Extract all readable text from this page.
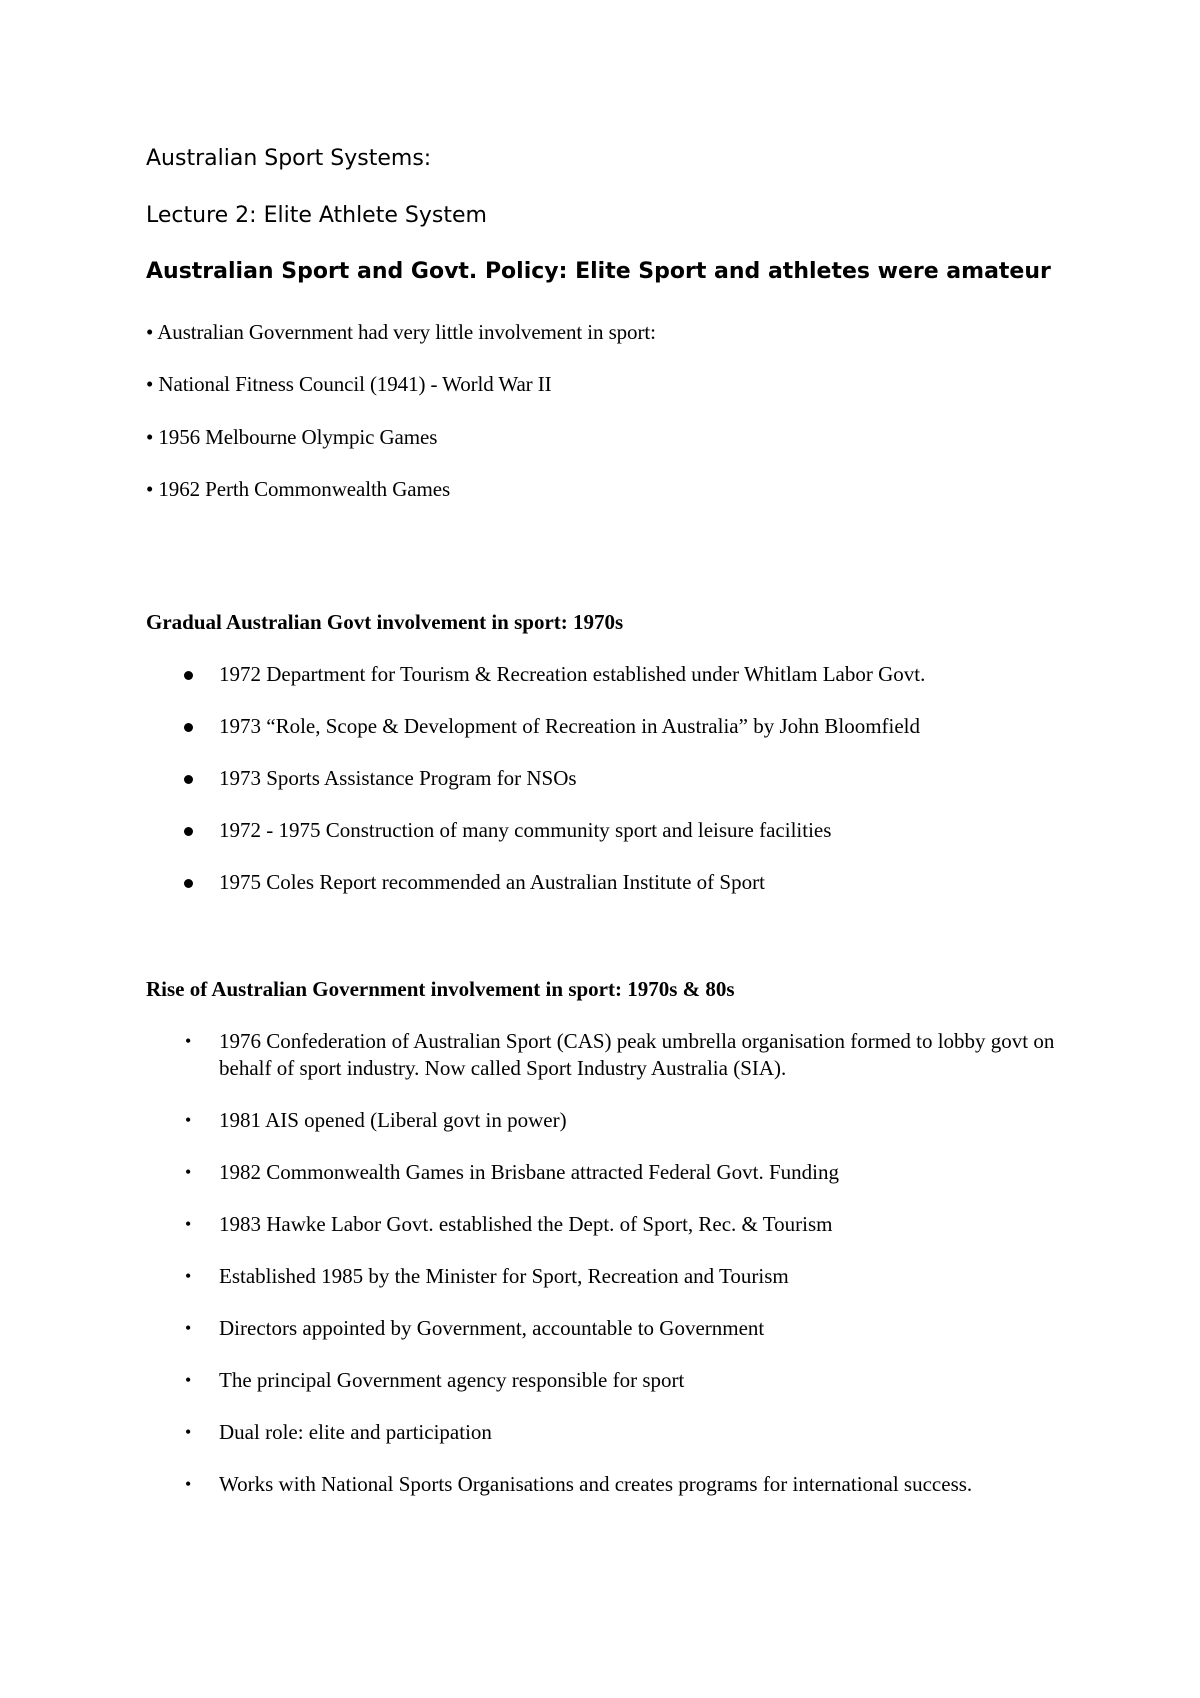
Australian Sport Systems:
Lecture 2: Elite Athlete System
Australian Sport and Govt. Policy: Elite Sport and athletes were amateur
• Australian Government had very little involvement in sport:
• National Fitness Council (1941) - World War II
• 1956 Melbourne Olympic Games
• 1962 Perth Commonwealth Games
Gradual Australian Govt involvement in sport: 1970s
1972 Department for Tourism & Recreation established under Whitlam Labor Govt.
1973 “Role, Scope & Development of Recreation in Australia” by John Bloomfield
1973 Sports Assistance Program for NSOs
1972 - 1975 Construction of many community sport and leisure facilities
1975 Coles Report recommended an Australian Institute of Sport
Rise of Australian Government involvement in sport: 1970s & 80s
• 1976 Confederation of Australian Sport (CAS) peak umbrella organisation formed to lobby govt on behalf of sport industry. Now called Sport Industry Australia (SIA).
• 1981 AIS opened (Liberal govt in power)
• 1982 Commonwealth Games in Brisbane attracted Federal Govt. Funding
• 1983 Hawke Labor Govt. established the Dept. of Sport, Rec. & Tourism
• Established 1985 by the Minister for Sport, Recreation and Tourism
• Directors appointed by Government, accountable to Government
• The principal Government agency responsible for sport
• Dual role: elite and participation
• Works with National Sports Organisations and creates programs for international success.
